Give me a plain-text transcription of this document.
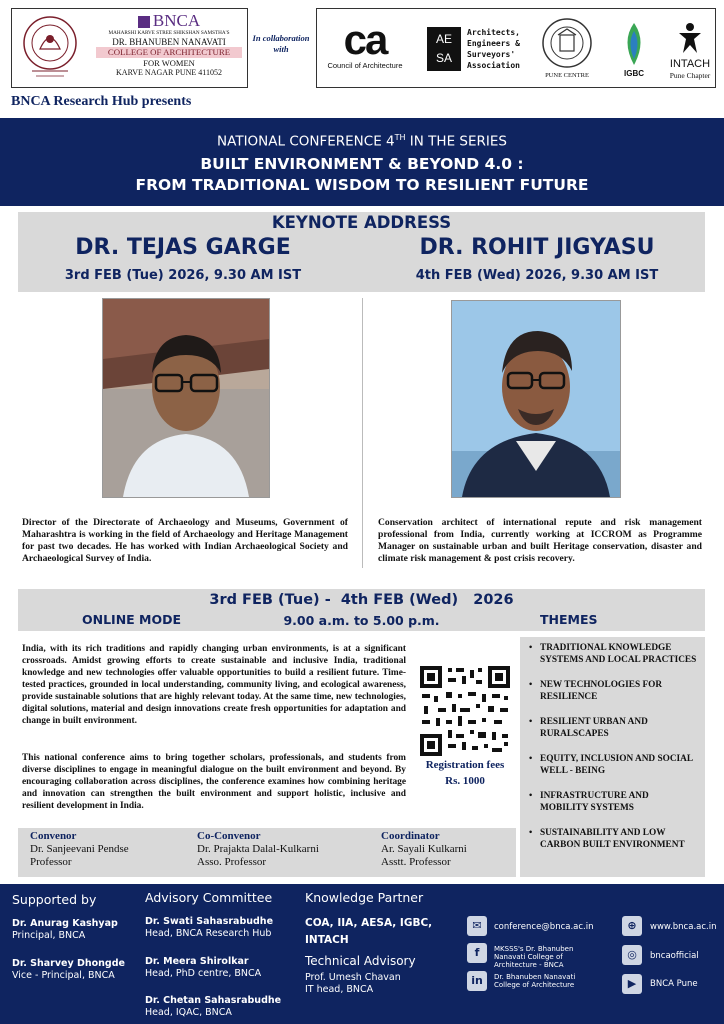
BNCA
MAHARSHI KARVE STREE SHIKSHAN SAMSTHA'S
DR. BHANUBEN NANAVATI
COLLEGE OF ARCHITECTURE
FOR WOMEN
KARVE NAGAR PUNE 411052
In collaboration with	ca
Council of Architecture
AE
SA
Architects, Engineers & Surveyors' Association
PUNE CENTRE	IGBC
INTACH
Pune Chapter
BNCA Research Hub presents
NATIONAL CONFERENCE 4TH IN THE SERIES
BUILT ENVIRONMENT & BEYOND 4.0 :
FROM TRADITIONAL WISDOM TO RESILIENT FUTURE
KEYNOTE ADDRESS
DR. TEJAS GARGE	DR. ROHIT JIGYASU
3rd FEB (Tue) 2026, 9.30 AM IST	4th FEB (Wed) 2026, 9.30 AM IST
Director of the Directorate of Archaeology and Museums, Government of Maharashtra is working in the field of Archaeology and Heritage Management for past two decades. He has worked with Indian Archaeological Society and Archaeological Survey of India.
Conservation architect of international repute and risk management professional from India, currently working at ICCROM as Programme Manager on sustainable urban and built Heritage conservation, disaster and climate risk management & post crisis recovery.
3rd FEB (Tue) -  4th FEB (Wed)   2026
ONLINE MODE	9.00 a.m. to 5.00 p.m.	THEMES
India, with its rich traditions and rapidly changing urban environments, is at a significant crossroads. Amidst growing efforts to create sustainable and inclusive India, traditional knowledge and new technologies offer valuable opportunities to build a resilient future. Time-tested practices, grounded in local understanding, community living, and ecological awareness, provide sustainable solutions that are highly relevant today. At the same time, new technologies, digital solutions, material and design innovations create fresh opportunities for adaptation and change in built environment.
This national conference aims to bring together scholars, professionals, and students from diverse disciplines to engage in meaningful dialogue on the built environment and beyond. By encouraging collaboration across disciplines, the conference examines how combining heritage and innovation can strengthen the built environment and support holistic, inclusive and resilient development in India.
Registration fees
Rs. 1000
• TRADITIONAL KNOWLEDGE SYSTEMS AND LOCAL PRACTICES
• NEW TECHNOLOGIES FOR RESILIENCE
• RESILIENT URBAN AND RURALSCAPES
• EQUITY, INCLUSION AND SOCIAL WELL - BEING
• INFRASTRUCTURE AND MOBILITY SYSTEMS
• SUSTAINABILITY AND LOW CARBON BUILT ENVIRONMENT
Convenor
Dr. Sanjeevani Pendse
Professor
Co-Convenor
Dr. Prajakta Dalal-Kulkarni
Asso. Professor
Coordinator
Ar. Sayali Kulkarni
Asstt. Professor
Supported by
Dr. Anurag Kashyap
Principal, BNCA
Dr. Sharvey Dhongde
Vice - Principal, BNCA
Advisory Committee
Dr. Swati Sahasrabudhe
Head, BNCA Research Hub
Dr. Meera Shirolkar
Head, PhD centre, BNCA
Dr. Chetan Sahasrabudhe
Head, IQAC, BNCA
Knowledge Partner
COA, IIA, AESA, IGBC, INTACH
Technical Advisory
Prof. Umesh Chavan
IT head, BNCA
✉	conference@bnca.ac.in
f	MKSSS's Dr. Bhanuben Nanavati College of Architecture - BNCA
in	Dr. Bhanuben Nanavati College of Architecture
⊕	www.bnca.ac.in
◎	bncaofficial
▶	BNCA Pune
